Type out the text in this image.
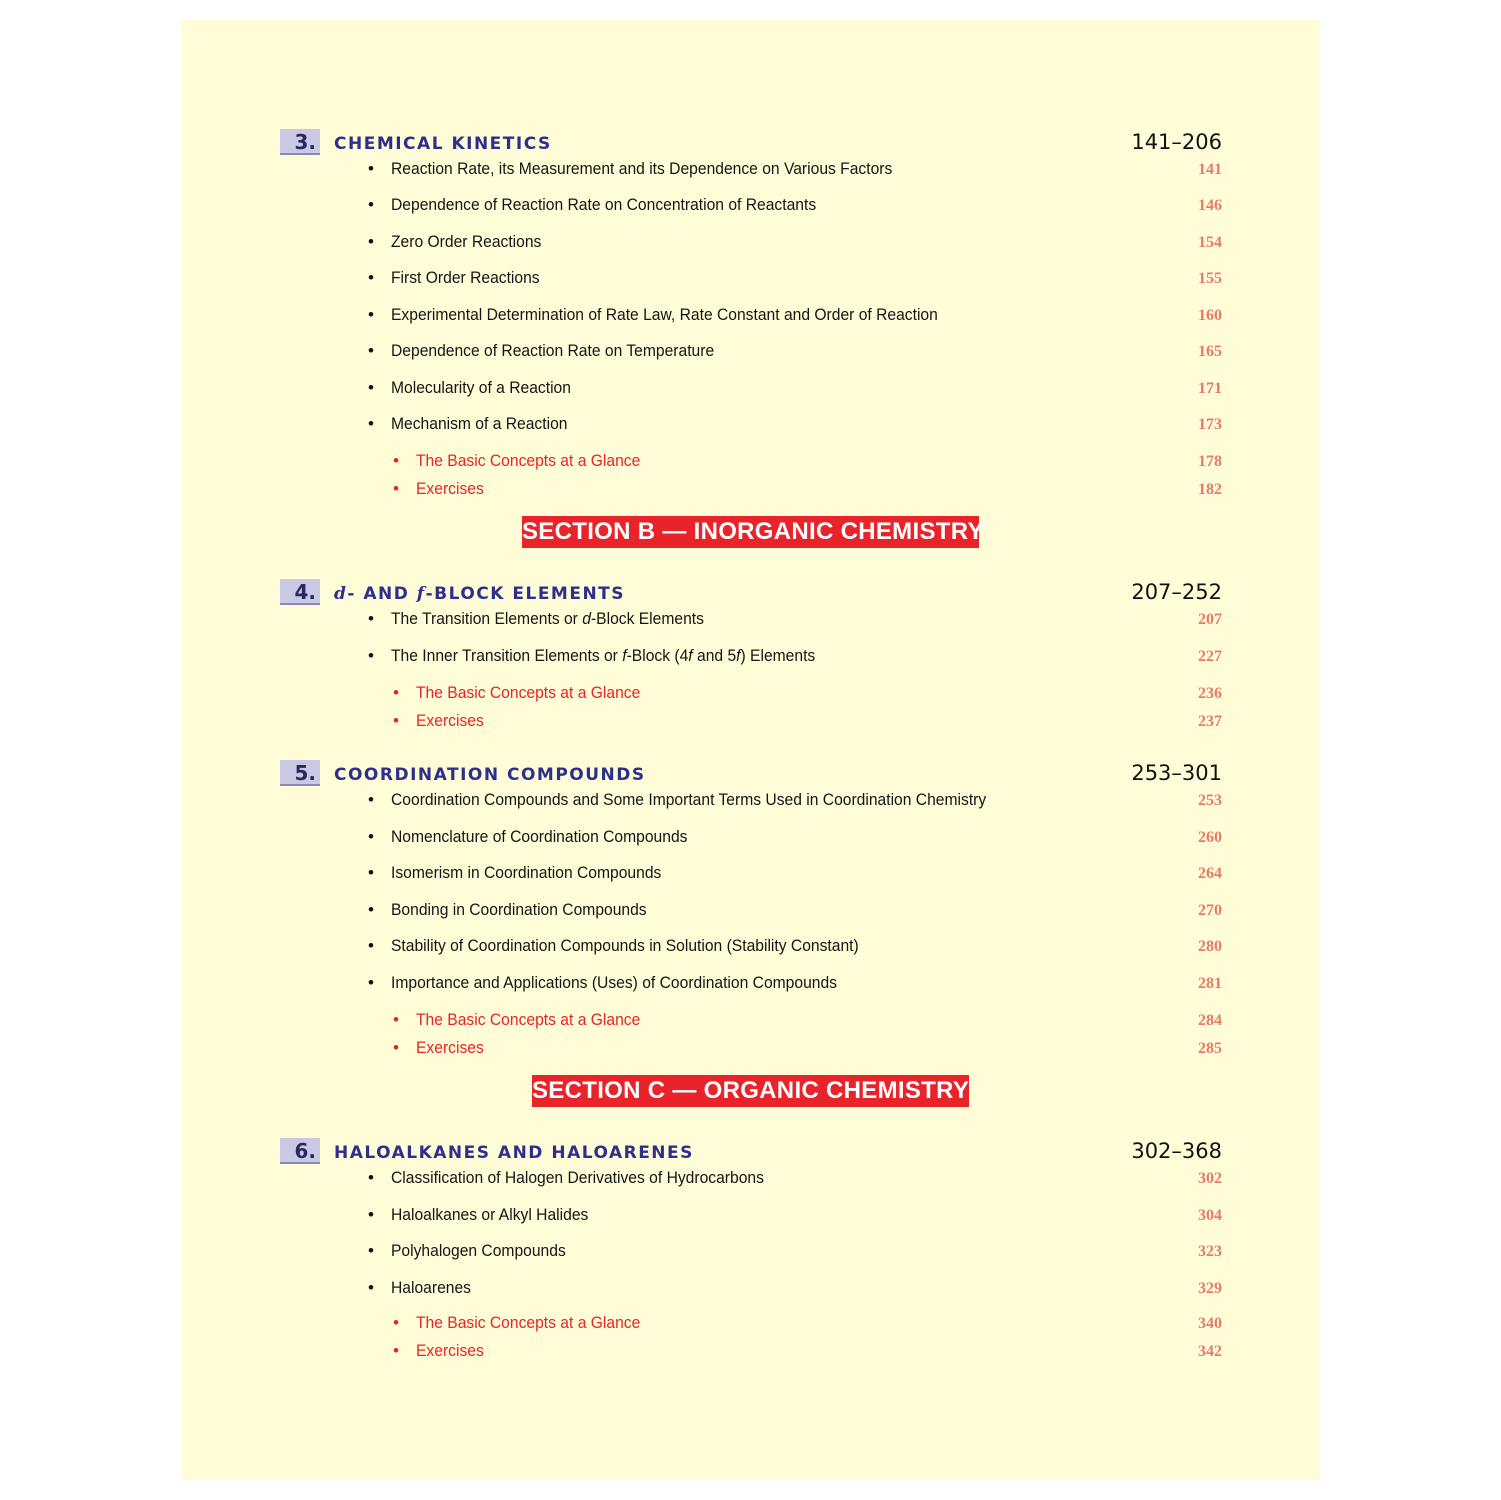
3. CHEMICAL KINETICS	141–206
• Reaction Rate, its Measurement and its Dependence on Various Factors	141
• Dependence of Reaction Rate on Concentration of Reactants	146
• Zero Order Reactions	154
• First Order Reactions	155
• Experimental Determination of Rate Law, Rate Constant and Order of Reaction	160
• Dependence of Reaction Rate on Temperature	165
• Molecularity of a Reaction	171
• Mechanism of a Reaction	173
• The Basic Concepts at a Glance	178
• Exercises	182
SECTION B — INORGANIC CHEMISTRY
4. d- AND f-BLOCK ELEMENTS	207–252
• The Transition Elements or d-Block Elements	207
• The Inner Transition Elements or f-Block (4f and 5f) Elements	227
• The Basic Concepts at a Glance	236
• Exercises	237
5. COORDINATION COMPOUNDS	253–301
• Coordination Compounds and Some Important Terms Used in Coordination Chemistry	253
• Nomenclature of Coordination Compounds	260
• Isomerism in Coordination Compounds	264
• Bonding in Coordination Compounds	270
• Stability of Coordination Compounds in Solution (Stability Constant)	280
• Importance and Applications (Uses) of Coordination Compounds	281
• The Basic Concepts at a Glance	284
• Exercises	285
SECTION C — ORGANIC CHEMISTRY
6. HALOALKANES AND HALOARENES	302–368
• Classification of Halogen Derivatives of Hydrocarbons	302
• Haloalkanes or Alkyl Halides	304
• Polyhalogen Compounds	323
• Haloarenes	329
• The Basic Concepts at a Glance	340
• Exercises	342
